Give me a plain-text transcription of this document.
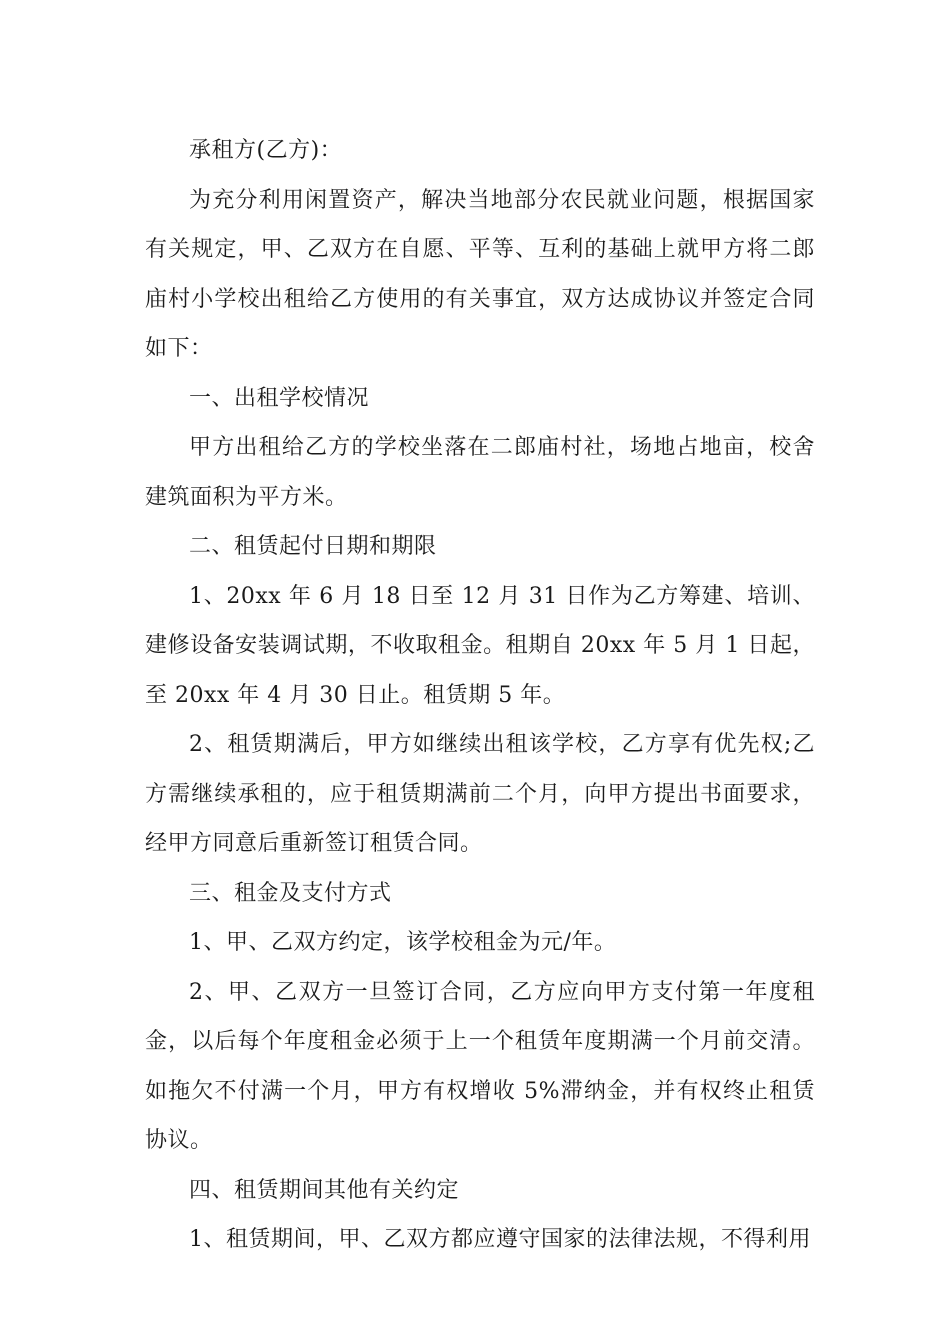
承租方(乙方)：

为充分利用闲置资产，解决当地部分农民就业问题，根据国家有关规定，甲、乙双方在自愿、平等、互利的基础上就甲方将二郎庙村小学校出租给乙方使用的有关事宜，双方达成协议并签定合同如下：

一、出租学校情况

甲方出租给乙方的学校坐落在二郎庙村社，场地占地亩，校舍建筑面积为平方米。

二、租赁起付日期和期限

1、20xx 年 6 月 18 日至 12 月 31 日作为乙方筹建、培训、建修设备安装调试期，不收取租金。租期自 20xx 年 5 月 1 日起，至 20xx 年 4 月 30 日止。租赁期 5 年。

2、租赁期满后，甲方如继续出租该学校，乙方享有优先权;乙方需继续承租的，应于租赁期满前二个月，向甲方提出书面要求，经甲方同意后重新签订租赁合同。

三、租金及支付方式

1、甲、乙双方约定，该学校租金为元/年。

2、甲、乙双方一旦签订合同，乙方应向甲方支付第一年度租金，以后每个年度租金必须于上一个租赁年度期满一个月前交清。如拖欠不付满一个月，甲方有权增收 5%滞纳金，并有权终止租赁协议。

四、租赁期间其他有关约定

1、租赁期间，甲、乙双方都应遵守国家的法律法规，不得利用
